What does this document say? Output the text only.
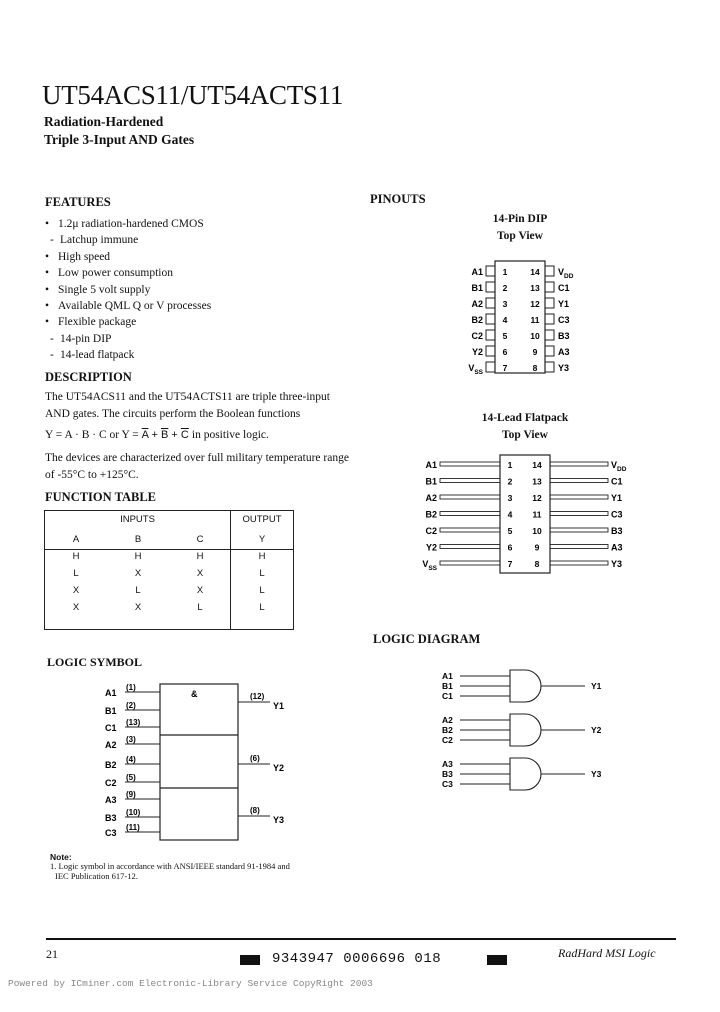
UT54ACS11/UT54ACTS11
Radiation-Hardened
Triple 3-Input AND Gates
FEATURES
• 1.2μ radiation-hardened CMOS
- Latchup immune
• High speed
• Low power consumption
• Single 5 volt supply
• Available QML Q or V processes
• Flexible package
- 14-pin DIP
- 14-lead flatpack
DESCRIPTION
The UT54ACS11 and the UT54ACTS11 are triple three-input AND gates. The circuits perform the Boolean functions
Y = A · B · C or $Y = \overline{A} + \overline{B} + \overline{C}$ in positive logic.
The devices are characterized over full military temperature range of -55°C to +125°C.
FUNCTION TABLE
INPUTS	OUTPUT
A	B	C	Y
H	H	H	H
L	X	X	L
X	L	X	L
X	X	L	L
LOGIC SYMBOL
&
A1
(1)
B1
(2)
C1
(13)
A2
(3)
B2
(4)
C2
(5)
A3
(9)
B3
(10)
C3
(11)
(12)
Y1
(6)
Y2
(8)
Y3
Note:
1. Logic symbol in accordance with ANSI/IEEE standard 91-1984 and
IEC Publication 617-12.
PINOUTS
14-Pin DIP
Top View
1
A1
2
B1
3
A2
4
B2
5
C2
6
Y2
7
$V_{SS}$
14 $V_{DD}$
13 C1
12 Y1
11 C3
10 B3
9 A3
8 Y3
14-Lead Flatpack
Top View
1
A1
2
B1
3
A2
4
B2
5
C2
6
Y2
7
$V_{SS}$
14	$V_{DD}$
13	C1
12	Y1
11	C3
10	B3
9	A3
8	Y3
LOGIC DIAGRAM
A1
B1
C1
Y1
A2
B2
C2
Y2
A3
B3
C3
Y3
21	9343947 0006696 018	RadHard MSI Logic
Powered by ICminer.com Electronic-Library Service CopyRight 2003
